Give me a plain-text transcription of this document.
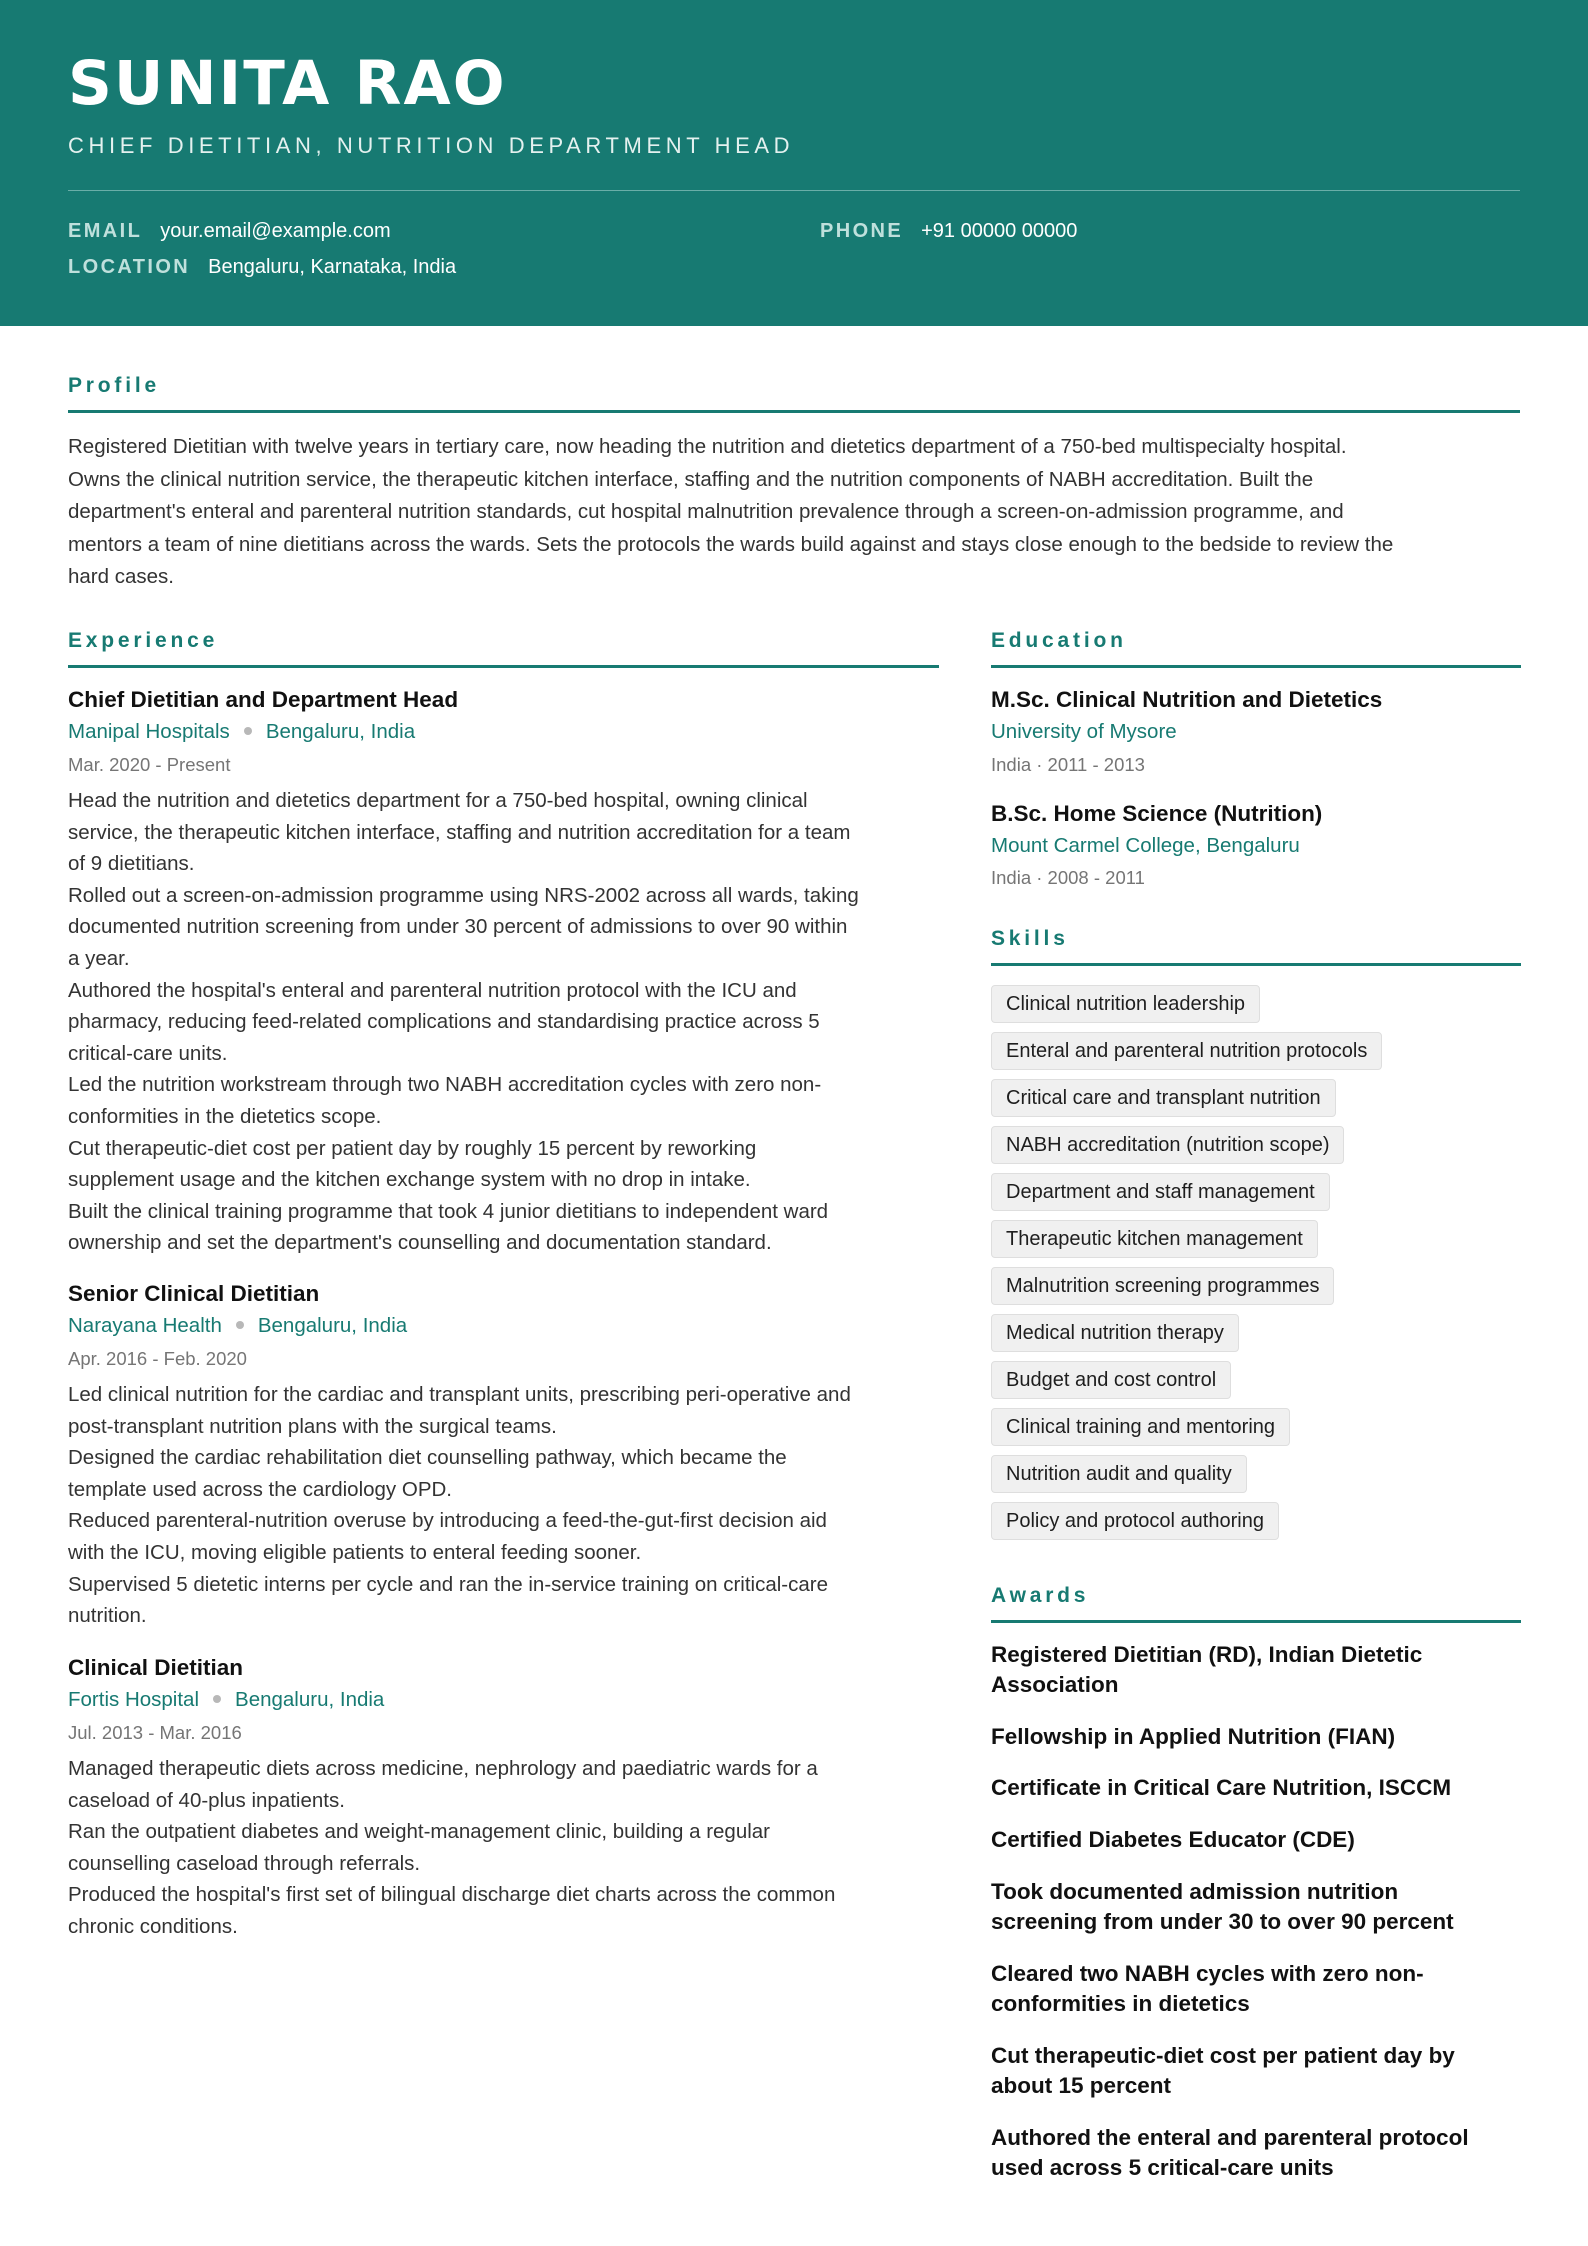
SUNITA RAO
CHIEF DIETITIAN, NUTRITION DEPARTMENT HEAD
EMAIL your.email@example.com	PHONE +91 00000 00000
LOCATION Bengaluru, Karnataka, India
Profile
Registered Dietitian with twelve years in tertiary care, now heading the nutrition and dietetics department of a 750-bed multispecialty hospital.
Owns the clinical nutrition service, the therapeutic kitchen interface, staffing and the nutrition components of NABH accreditation. Built the
department's enteral and parenteral nutrition standards, cut hospital malnutrition prevalence through a screen-on-admission programme, and
mentors a team of nine dietitians across the wards. Sets the protocols the wards build against and stays close enough to the bedside to review the
hard cases.
Experience
Chief Dietitian and Department Head
Manipal Hospitals Bengaluru, India
Mar. 2020 - Present

Head the nutrition and dietetics department for a 750-bed hospital, owning clinical

service, the therapeutic kitchen interface, staffing and nutrition accreditation for a team

of 9 dietitians.

Rolled out a screen-on-admission programme using NRS-2002 across all wards, taking

documented nutrition screening from under 30 percent of admissions to over 90 within

a year.

Authored the hospital's enteral and parenteral nutrition protocol with the ICU and

pharmacy, reducing feed-related complications and standardising practice across 5

critical-care units.

Led the nutrition workstream through two NABH accreditation cycles with zero non-

conformities in the dietetics scope.

Cut therapeutic-diet cost per patient day by roughly 15 percent by reworking

supplement usage and the kitchen exchange system with no drop in intake.

Built the clinical training programme that took 4 junior dietitians to independent ward

ownership and set the department's counselling and documentation standard.

Senior Clinical Dietitian
Narayana Health Bengaluru, India
Apr. 2016 - Feb. 2020

Led clinical nutrition for the cardiac and transplant units, prescribing peri-operative and

post-transplant nutrition plans with the surgical teams.

Designed the cardiac rehabilitation diet counselling pathway, which became the

template used across the cardiology OPD.

Reduced parenteral-nutrition overuse by introducing a feed-the-gut-first decision aid

with the ICU, moving eligible patients to enteral feeding sooner.

Supervised 5 dietetic interns per cycle and ran the in-service training on critical-care

nutrition.

Clinical Dietitian
Fortis Hospital Bengaluru, India
Jul. 2013 - Mar. 2016

Managed therapeutic diets across medicine, nephrology and paediatric wards for a

caseload of 40-plus inpatients.

Ran the outpatient diabetes and weight-management clinic, building a regular

counselling caseload through referrals.

Produced the hospital's first set of bilingual discharge diet charts across the common

chronic conditions.

Education
M.Sc. Clinical Nutrition and Dietetics
University of Mysore
India · 2011 - 2013
B.Sc. Home Science (Nutrition)
Mount Carmel College, Bengaluru
India · 2008 - 2011
Skills
Clinical nutrition leadership
Enteral and parenteral nutrition protocols
Critical care and transplant nutrition
NABH accreditation (nutrition scope)
Department and staff management
Therapeutic kitchen management
Malnutrition screening programmes
Medical nutrition therapy
Budget and cost control
Clinical training and mentoring
Nutrition audit and quality
Policy and protocol authoring
Awards
Registered Dietitian (RD), Indian Dietetic
Association
Fellowship in Applied Nutrition (FIAN)
Certificate in Critical Care Nutrition, ISCCM
Certified Diabetes Educator (CDE)
Took documented admission nutrition
screening from under 30 to over 90 percent
Cleared two NABH cycles with zero non-
conformities in dietetics
Cut therapeutic-diet cost per patient day by
about 15 percent
Authored the enteral and parenteral protocol
used across 5 critical-care units
